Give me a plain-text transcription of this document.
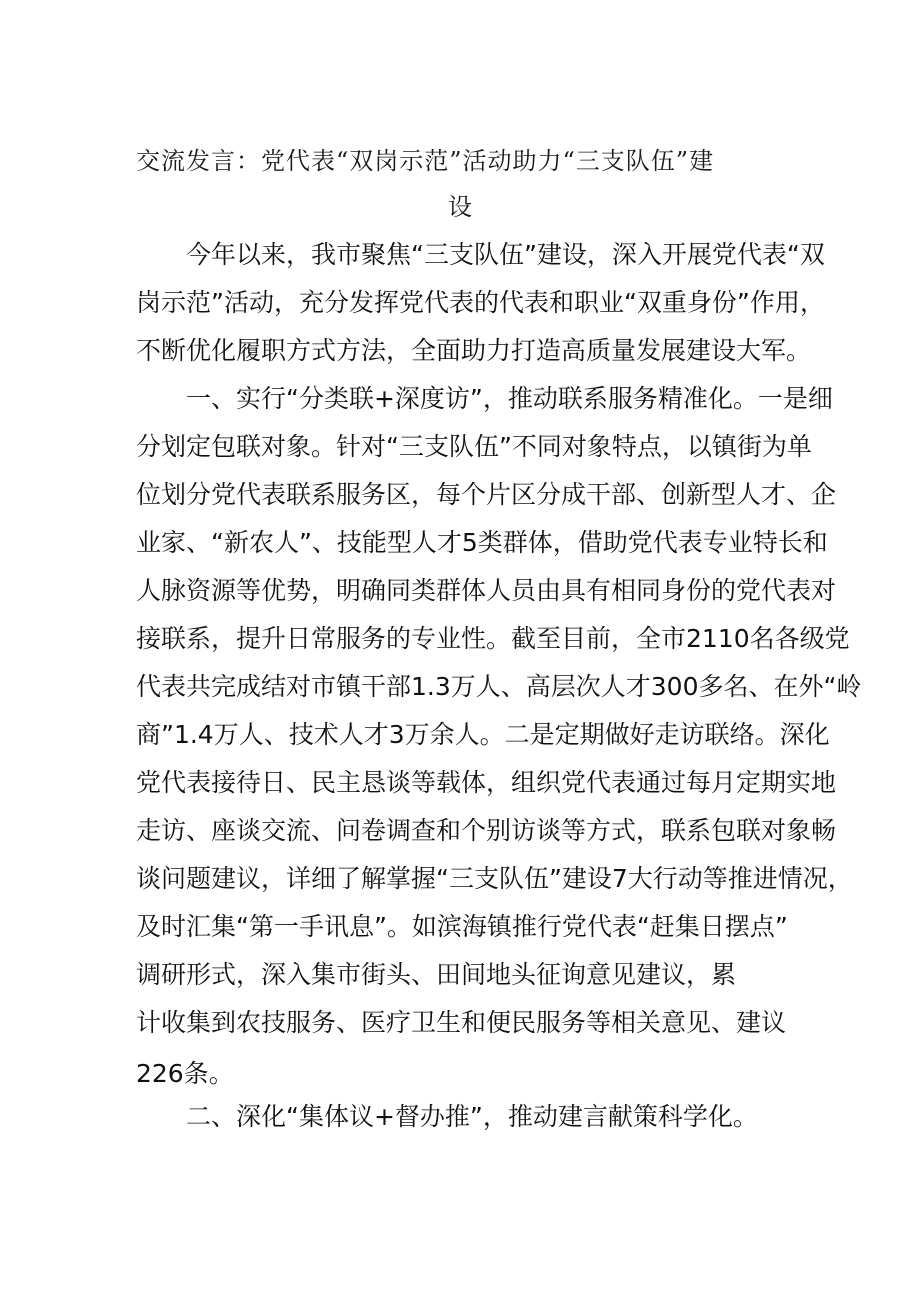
交流发言：党代表“双岗示范”活动助力“三支队伍”建
设
今年以来，我市聚焦“三支队伍”建设，深入开展党代表“双
岗示范”活动，充分发挥党代表的代表和职业“双重身份”作用，
不断优化履职方式方法，全面助力打造高质量发展建设大军。
一、实行“分类联+深度访”，推动联系服务精准化。一是细
分划定包联对象。针对“三支队伍”不同对象特点，以镇街为单
位划分党代表联系服务区，每个片区分成干部、创新型人才、企
业家、“新农人”、技能型人才5类群体，借助党代表专业特长和
人脉资源等优势，明确同类群体人员由具有相同身份的党代表对
接联系，提升日常服务的专业性。截至目前，全市2110名各级党
代表共完成结对市镇干部1.3万人、高层次人才300多名、在外“岭
商”1.4万人、技术人才3万余人。二是定期做好走访联络。深化
党代表接待日、民主恳谈等载体，组织党代表通过每月定期实地
走访、座谈交流、问卷调查和个别访谈等方式，联系包联对象畅
谈问题建议，详细了解掌握“三支队伍”建设7大行动等推进情况，
及时汇集“第一手讯息”。如滨海镇推行党代表“赶集日摆点”
调研形式，深入集市街头、田间地头征询意见建议，累
计收集到农技服务、医疗卫生和便民服务等相关意见、建议
226条。
二、深化“集体议+督办推”，推动建言献策科学化。
